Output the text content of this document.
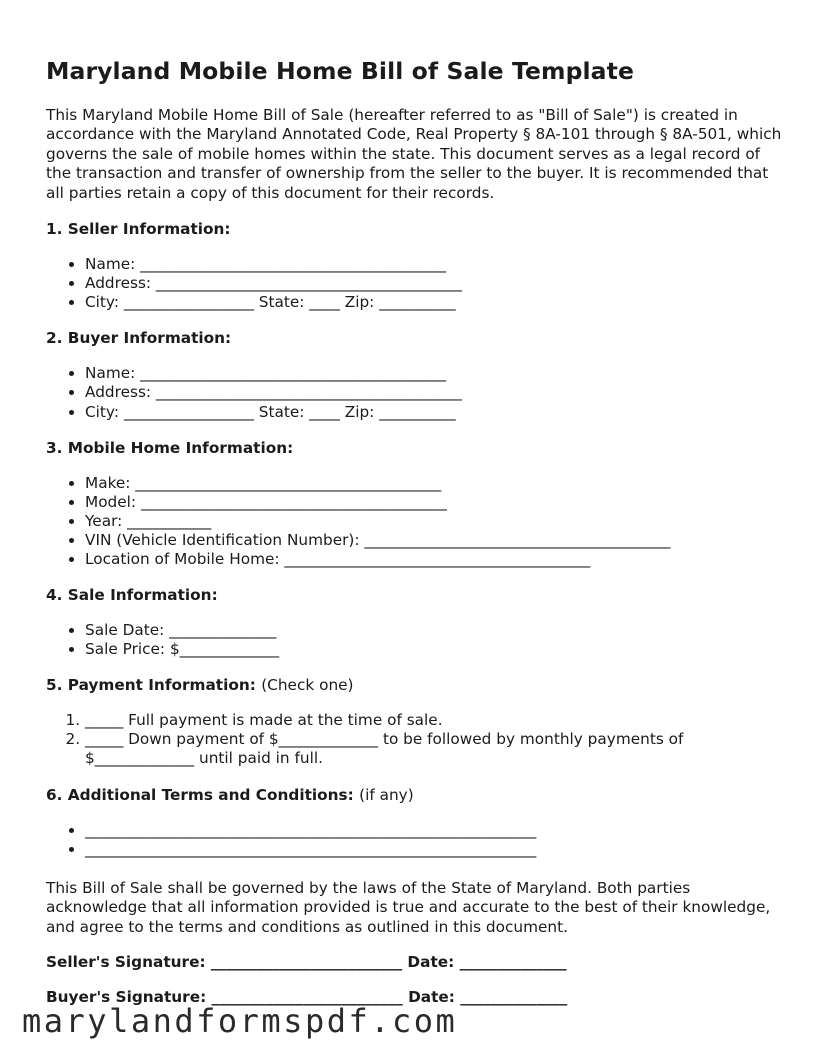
Maryland Mobile Home Bill of Sale Template

This Maryland Mobile Home Bill of Sale (hereafter referred to as "Bill of Sale") is created in accordance with the Maryland Annotated Code, Real Property § 8A-101 through § 8A-501, which governs the sale of mobile homes within the state. This document serves as a legal record of the transaction and transfer of ownership from the seller to the buyer. It is recommended that all parties retain a copy of this document for their records.

1. Seller Information:
• Name: ________________________________________
• Address: ________________________________________
• City: _________________ State: ____ Zip: __________
2. Buyer Information:
• Name: ________________________________________
• Address: ________________________________________
• City: _________________ State: ____ Zip: __________
3. Mobile Home Information:
• Make: ________________________________________
• Model: ________________________________________
• Year: ___________
• VIN (Vehicle Identification Number): ________________________________________
• Location of Mobile Home: ________________________________________
4. Sale Information:
• Sale Date: ______________
• Sale Price: $_____________
5. Payment Information: (Check one)
1. _____ Full payment is made at the time of sale.
2. _____ Down payment of $_____________ to be followed by monthly payments of $_____________ until paid in full.
6. Additional Terms and Conditions: (if any)
• ___________________________________________________________
• ___________________________________________________________

This Bill of Sale shall be governed by the laws of the State of Maryland. Both parties acknowledge that all information provided is true and accurate to the best of their knowledge, and agree to the terms and conditions as outlined in this document.

Seller's Signature: _________________________ Date: ______________

Buyer's Signature: _________________________ Date: ______________

marylandformspdf.com
